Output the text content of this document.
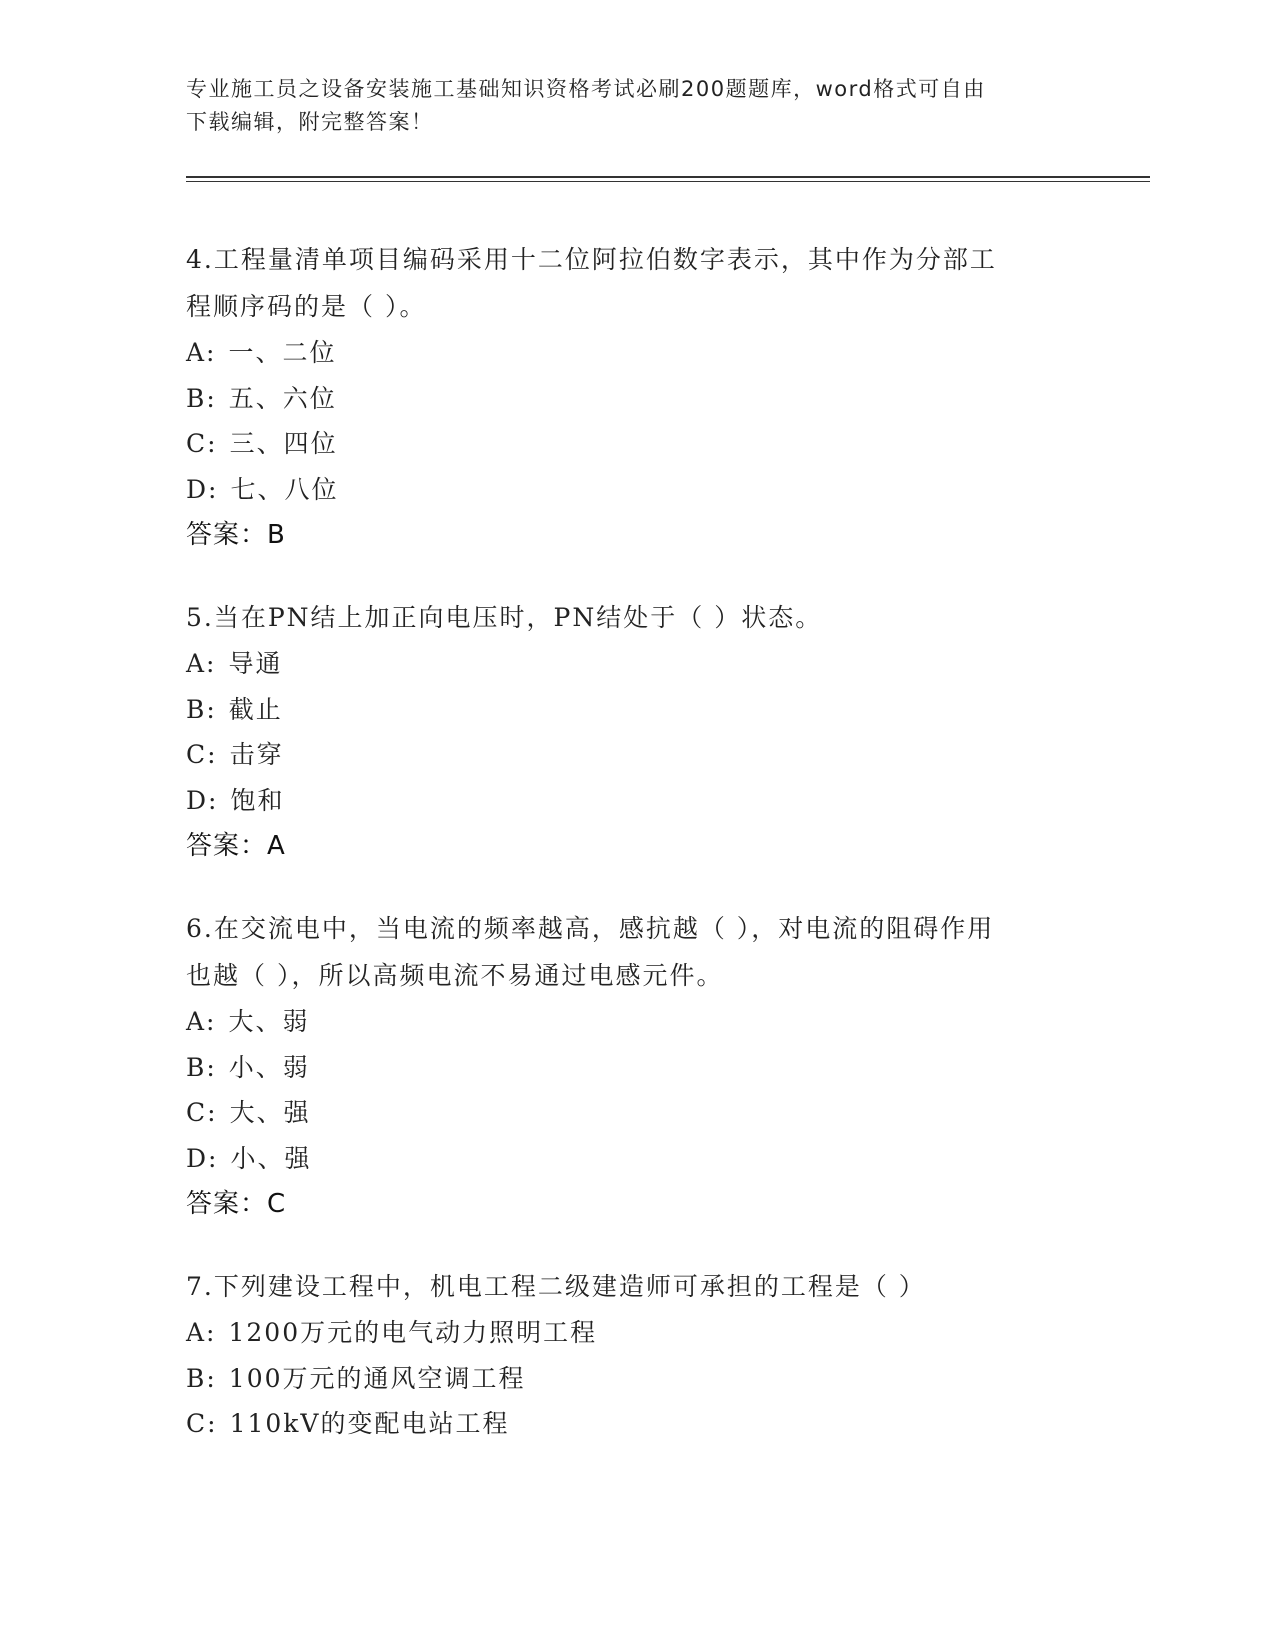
专业施工员之设备安装施工基础知识资格考试必刷200题题库，word格式可自由
下载编辑，附完整答案！
4.工程量清单项目编码采用十二位阿拉伯数字表示，其中作为分部工
程顺序码的是（ ）。
A: 一、二位
B: 五、六位
C: 三、四位
D: 七、八位
答案：B
5.当在PN结上加正向电压时，PN结处于（ ）状态。
A: 导通
B: 截止
C: 击穿
D: 饱和
答案：A
6.在交流电中，当电流的频率越高，感抗越（ ），对电流的阻碍作用
也越（ ），所以高频电流不易通过电感元件。
A: 大、弱
B: 小、弱
C: 大、强
D: 小、强
答案：C
7.下列建设工程中，机电工程二级建造师可承担的工程是（ ）
A: 1200万元的电气动力照明工程
B: 100万元的通风空调工程
C: 110kV的变配电站工程
